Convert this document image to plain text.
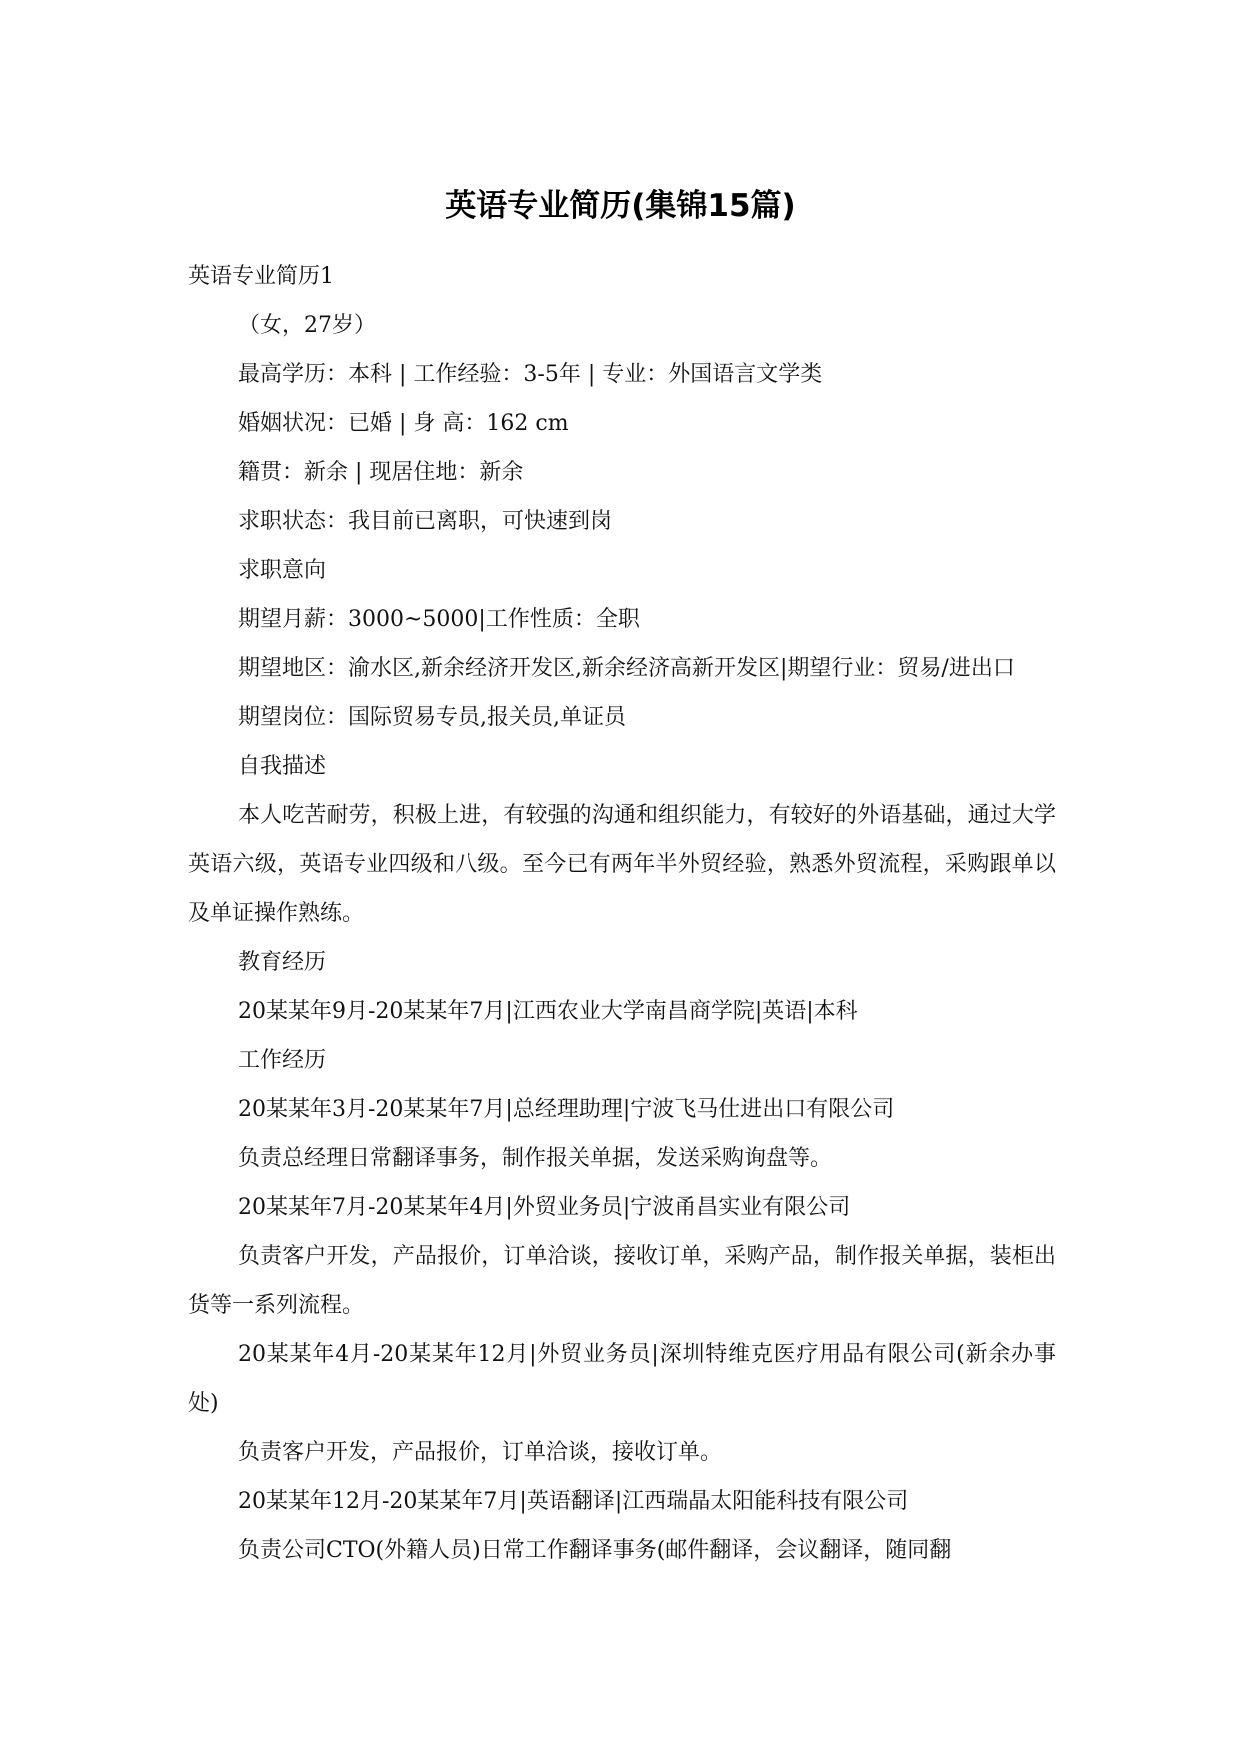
英语专业简历(集锦15篇)

英语专业简历1

（女，27岁）

最高学历：本科 | 工作经验：3-5年 | 专业：外国语言文学类

婚姻状况：已婚 | 身 高：162 cm

籍贯：新余 | 现居住地：新余

求职状态：我目前已离职，可快速到岗

求职意向

期望月薪：3000~5000|工作性质：全职

期望地区：渝水区,新余经济开发区,新余经济高新开发区|期望行业：贸易/进出口

期望岗位：国际贸易专员,报关员,单证员

自我描述

本人吃苦耐劳，积极上进，有较强的沟通和组织能力，有较好的外语基础，通过大学英语六级，英语专业四级和八级。至今已有两年半外贸经验，熟悉外贸流程，采购跟单以及单证操作熟练。

教育经历

20某某年9月-20某某年7月|江西农业大学南昌商学院|英语|本科

工作经历

20某某年3月-20某某年7月|总经理助理|宁波飞马仕进出口有限公司

负责总经理日常翻译事务，制作报关单据，发送采购询盘等。

20某某年7月-20某某年4月|外贸业务员|宁波甬昌实业有限公司

负责客户开发，产品报价，订单洽谈，接收订单，采购产品，制作报关单据，装柜出货等一系列流程。

20某某年4月-20某某年12月|外贸业务员|深圳特维克医疗用品有限公司(新余办事处)

负责客户开发，产品报价，订单洽谈，接收订单。

20某某年12月-20某某年7月|英语翻译|江西瑞晶太阳能科技有限公司

负责公司CTO(外籍人员)日常工作翻译事务(邮件翻译，会议翻译，随同翻
